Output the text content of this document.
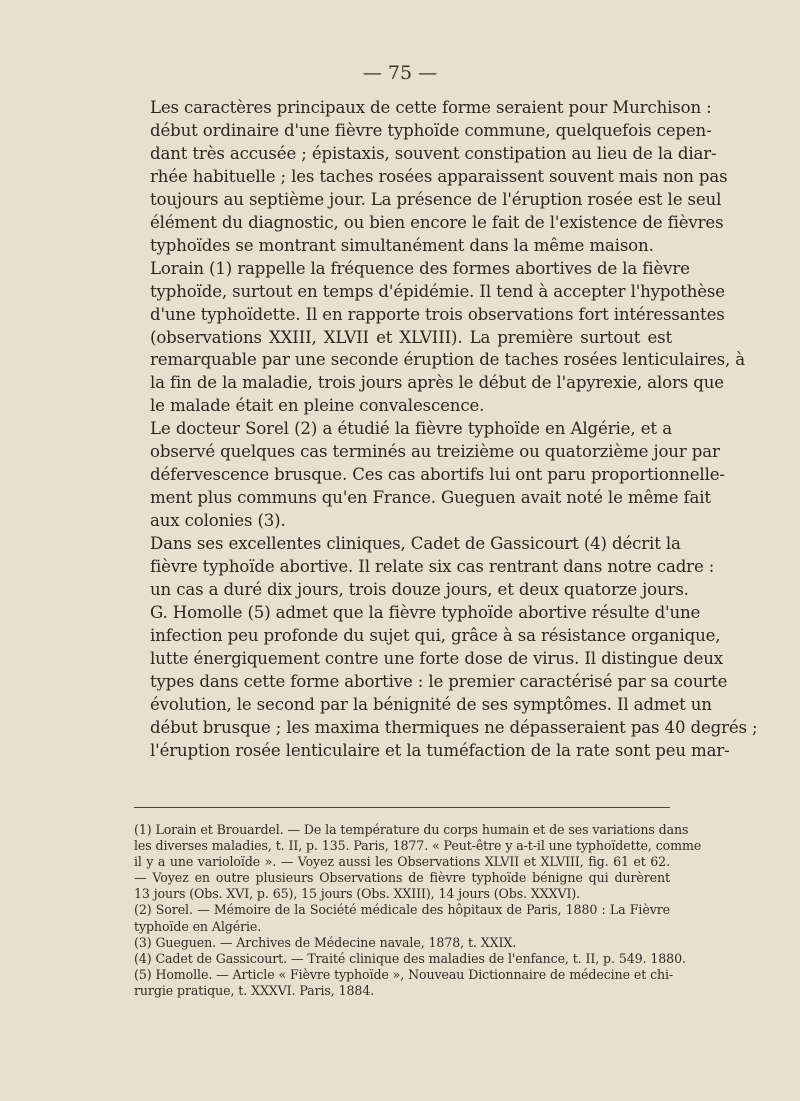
— 75 —

Les caractères principaux de cette forme seraient pour Murchison :
début ordinaire d'une fièvre typhoïde commune, quelquefois cepen-
dant très accusée ; épistaxis, souvent constipation au lieu de la diar-
rhée habituelle ; les taches rosées apparaissent souvent mais non pas
toujours au septième jour. La présence de l'éruption rosée est le seul
élément du diagnostic, ou bien encore le fait de l'existence de fièvres
typhoïdes se montrant simultanément dans la même maison.

Lorain (1) rappelle la fréquence des formes abortives de la fièvre
typhoïde, surtout en temps d'épidémie. Il tend à accepter l'hypothèse
d'une typhoïdette. Il en rapporte trois observations fort intéressantes
(observations XXIII, XLVII et XLVIII). La première surtout est
remarquable par une seconde éruption de taches rosées lenticulaires, à
la fin de la maladie, trois jours après le début de l'apyrexie, alors que
le malade était en pleine convalescence.

Le docteur Sorel (2) a étudié la fièvre typhoïde en Algérie, et a
observé quelques cas terminés au treizième ou quatorzième jour par
défervescence brusque. Ces cas abortifs lui ont paru proportionnelle-
ment plus communs qu'en France. Gueguen avait noté le même fait
aux colonies (3).

Dans ses excellentes cliniques, Cadet de Gassicourt (4) décrit la
fièvre typhoïde abortive. Il relate six cas rentrant dans notre cadre :
un cas a duré dix jours, trois douze jours, et deux quatorze jours.

G. Homolle (5) admet que la fièvre typhoïde abortive résulte d'une
infection peu profonde du sujet qui, grâce à sa résistance organique,
lutte énergiquement contre une forte dose de virus. Il distingue deux
types dans cette forme abortive : le premier caractérisé par sa courte
évolution, le second par la bénignité de ses symptômes. Il admet un
début brusque ; les maxima thermiques ne dépasseraient pas 40 degrés ;
l'éruption rosée lenticulaire et la tuméfaction de la rate sont peu mar-

(1) Lorain et Brouardel. — De la température du corps humain et de ses variations dans
les diverses maladies, t. II, p. 135. Paris, 1877. « Peut-être y a-t-il une typhoïdette, comme
il y a une varioloïde ». — Voyez aussi les Observations XLVII et XLVIII, fig. 61 et 62.
— Voyez en outre plusieurs Observations de fièvre typhoïde bénigne qui durèrent
13 jours (Obs. XVI, p. 65), 15 jours (Obs. XXIII), 14 jours (Obs. XXXVI).
(2) Sorel. — Mémoire de la Société médicale des hôpitaux de Paris, 1880 : La Fièvre
typhoïde en Algérie.
(3) Gueguen. — Archives de Médecine navale, 1878, t. XXIX.
(4) Cadet de Gassicourt. — Traité clinique des maladies de l'enfance, t. II, p. 549. 1880.
(5) Homolle. — Article « Fièvre typhoïde », Nouveau Dictionnaire de médecine et chi-
rurgie pratique, t. XXXVI. Paris, 1884.
